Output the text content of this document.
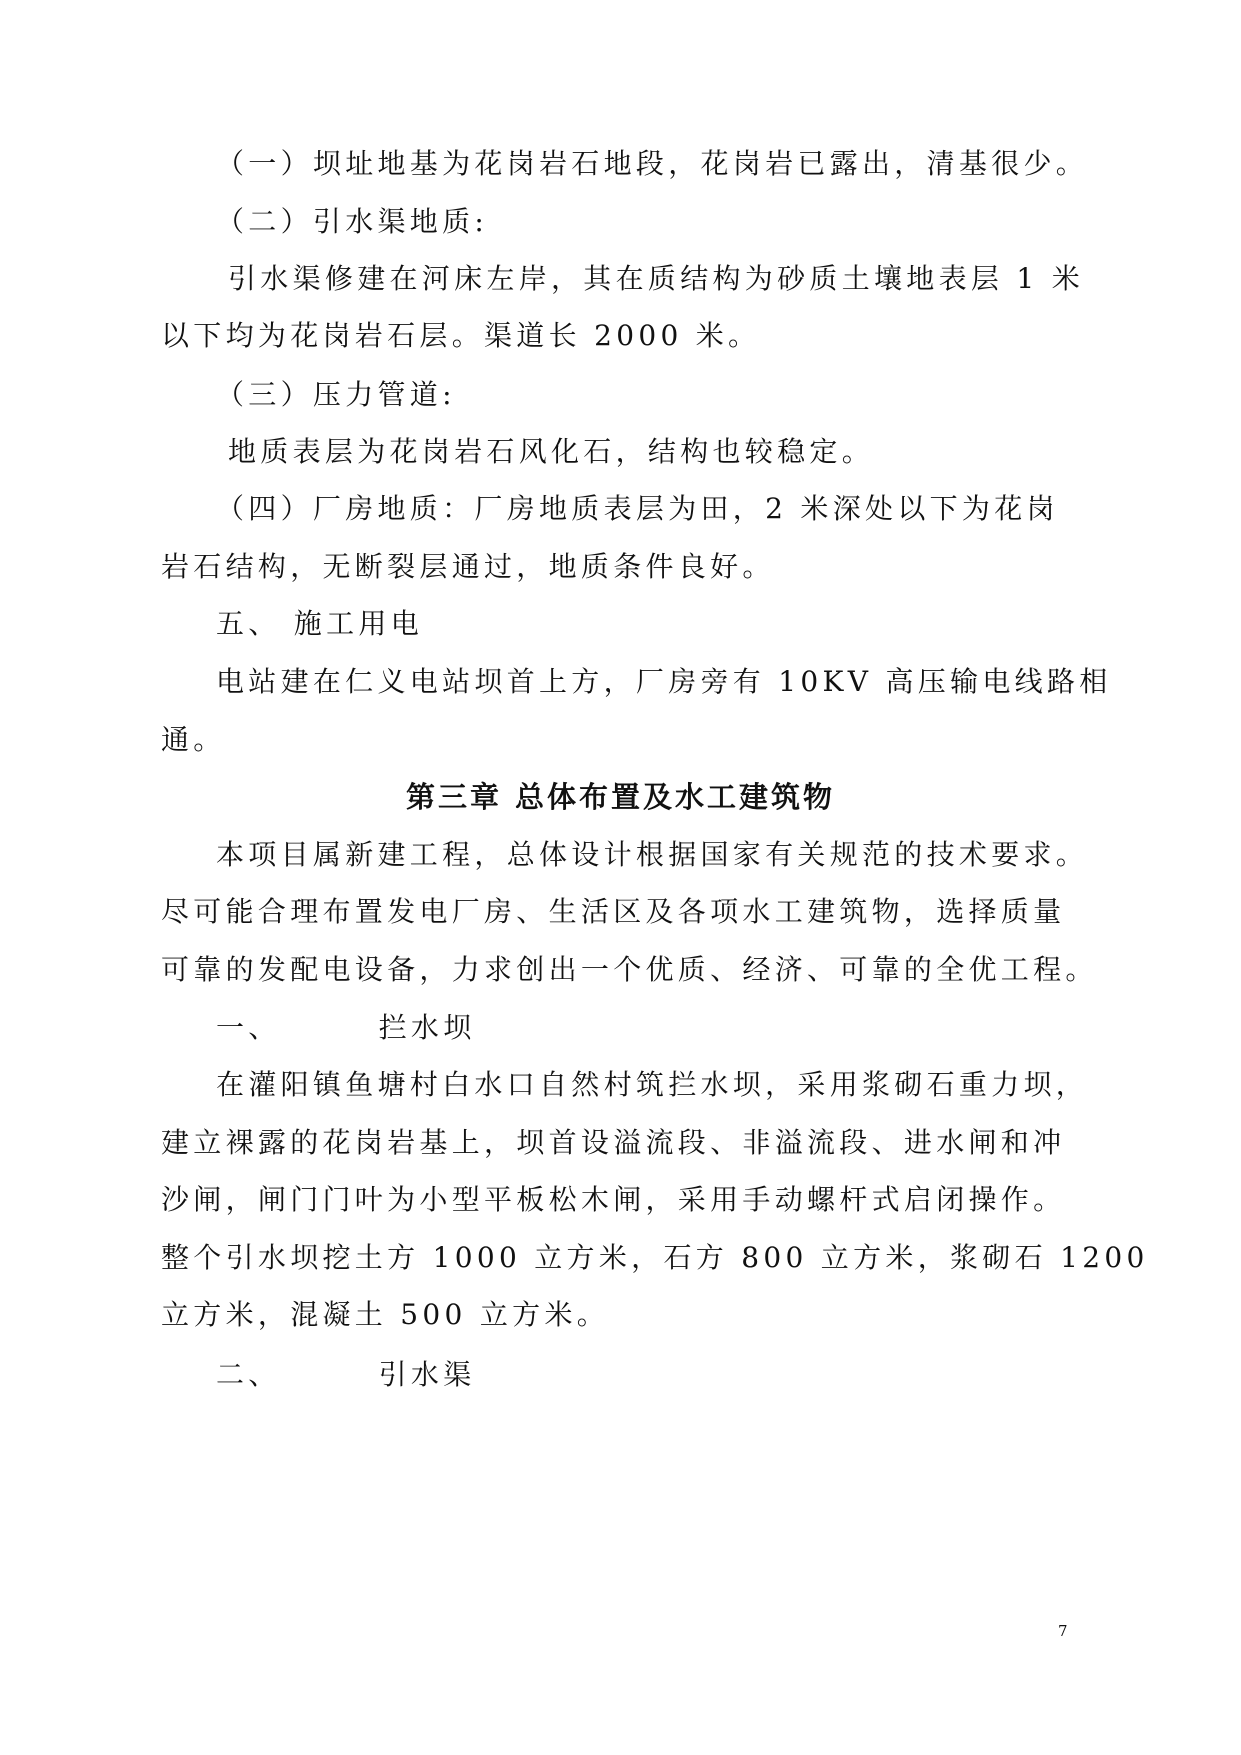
（一）坝址地基为花岗岩石地段，花岗岩已露出，清基很少。
（二）引水渠地质:
引水渠修建在河床左岸，其在质结构为砂质土壤地表层 1 米
以下均为花岗岩石层。渠道长 2000 米。
（三）压力管道:
地质表层为花岗岩石风化石，结构也较稳定。
（四）厂房地质：厂房地质表层为田，2 米深处以下为花岗
岩石结构，无断裂层通过，地质条件良好。
五、 施工用电
电站建在仁义电站坝首上方，厂房旁有 10KV 高压输电线路相
通。
第三章 总体布置及水工建筑物
本项目属新建工程，总体设计根据国家有关规范的技术要求。
尽可能合理布置发电厂房、生活区及各项水工建筑物，选择质量
可靠的发配电设备，力求创出一个优质、经济、可靠的全优工程。
一、	拦水坝
在灌阳镇鱼塘村白水口自然村筑拦水坝，采用浆砌石重力坝，
建立裸露的花岗岩基上，坝首设溢流段、非溢流段、进水闸和冲
沙闸，闸门门叶为小型平板松木闸，采用手动螺杆式启闭操作。
整个引水坝挖土方 1000 立方米，石方 800 立方米，浆砌石 1200
立方米，混凝土 500 立方米。
二、	引水渠
7
